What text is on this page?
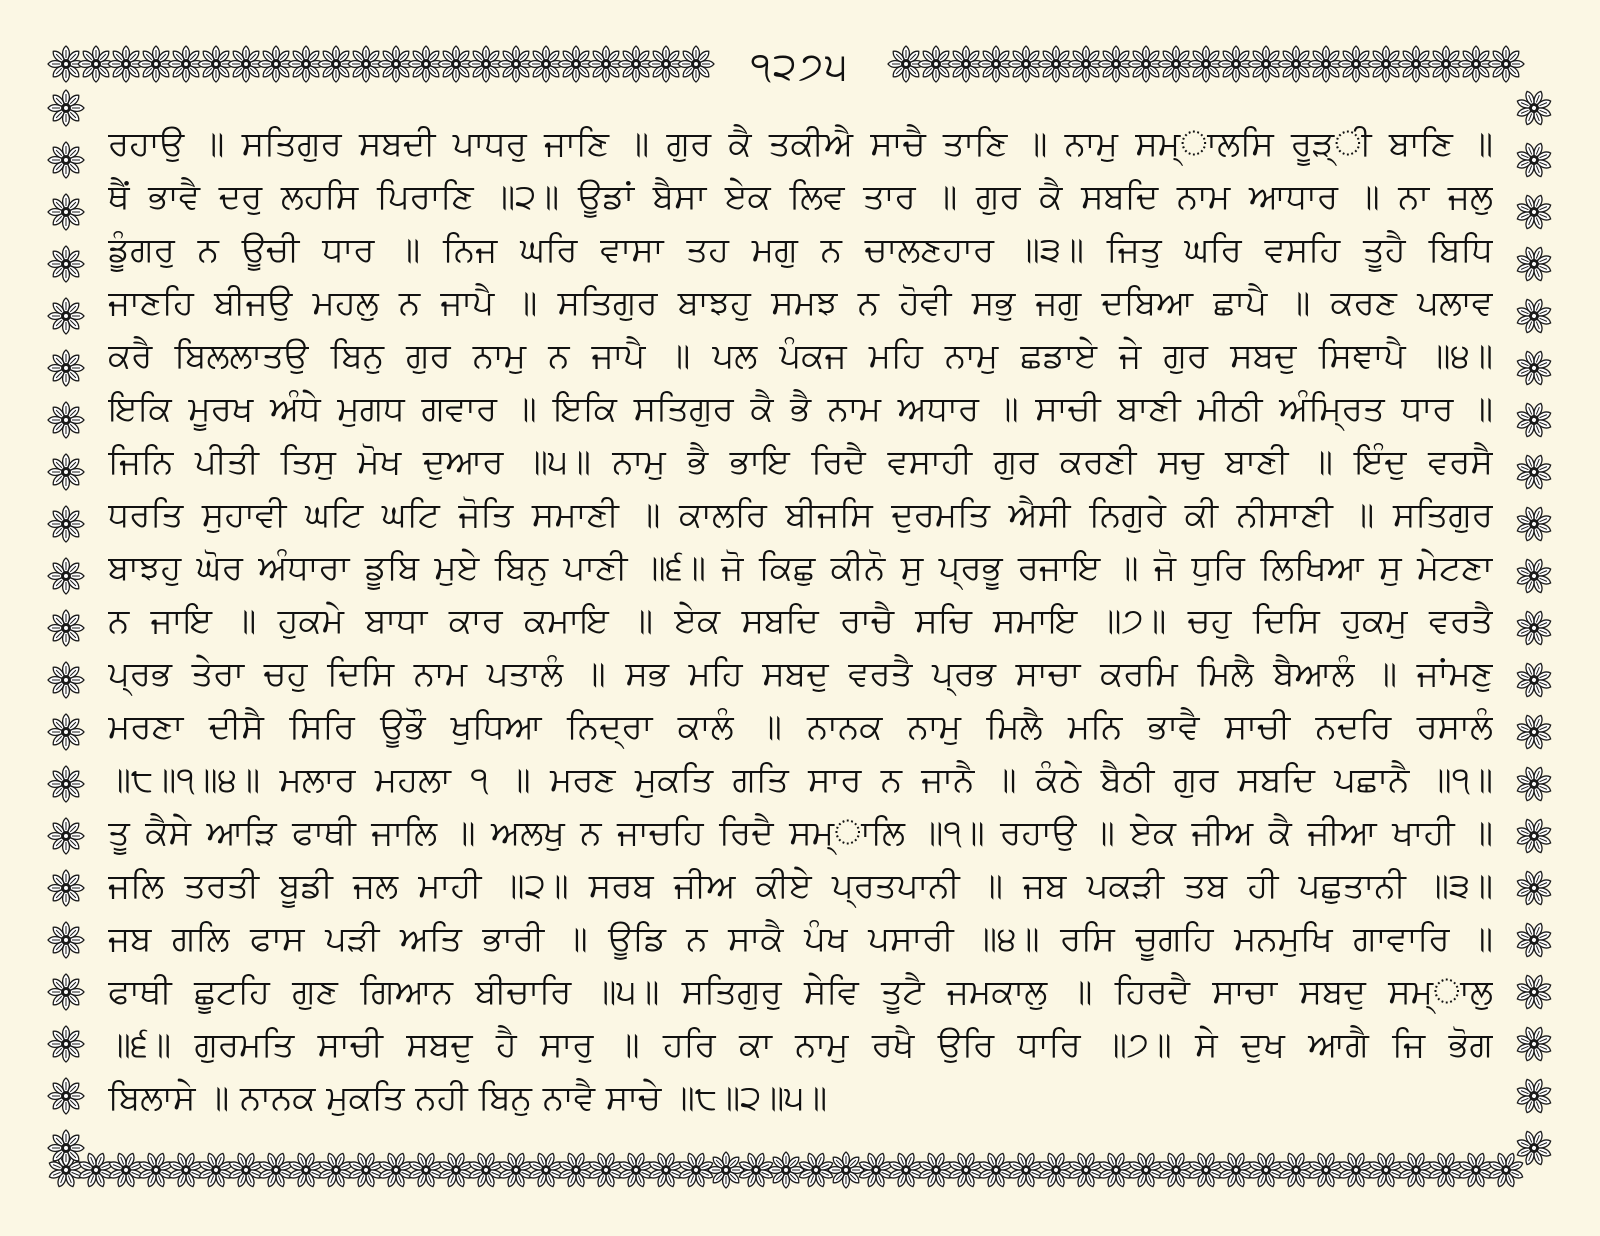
੧੨੭੫
ਰਹਾਉ ॥ ਸਤਿਗੁਰ ਸਬਦੀ ਪਾਧਰੁ ਜਾਣਿ ॥ ਗੁਰ ਕੈ ਤਕੀਐ ਸਾਚੈ ਤਾਣਿ ॥ ਨਾਮੁ ਸਮ੍ਾਲਸਿ ਰੂੜ੍ੀ ਬਾਣਿ ॥
ਥੈਂ ਭਾਵੈ ਦਰੁ ਲਹਸਿ ਪਿਰਾਣਿ ॥੨॥ ਊਡਾਂ ਬੈਸਾ ਏਕ ਲਿਵ ਤਾਰ ॥ ਗੁਰ ਕੈ ਸਬਦਿ ਨਾਮ ਆਧਾਰ ॥ ਨਾ ਜਲੁ
ਡੂੰਗਰੁ ਨ ਊਚੀ ਧਾਰ ॥ ਨਿਜ ਘਰਿ ਵਾਸਾ ਤਹ ਮਗੁ ਨ ਚਾਲਣਹਾਰ ॥੩॥ ਜਿਤੁ ਘਰਿ ਵਸਹਿ ਤੂਹੈ ਬਿਧਿ
ਜਾਣਹਿ ਬੀਜਉ ਮਹਲੁ ਨ ਜਾਪੈ ॥ ਸਤਿਗੁਰ ਬਾਝਹੁ ਸਮਝ ਨ ਹੋਵੀ ਸਭੁ ਜਗੁ ਦਬਿਆ ਛਾਪੈ ॥ ਕਰਣ ਪਲਾਵ
ਕਰੈ ਬਿਲਲਾਤਉ ਬਿਨੁ ਗੁਰ ਨਾਮੁ ਨ ਜਾਪੈ ॥ ਪਲ ਪੰਕਜ ਮਹਿ ਨਾਮੁ ਛਡਾਏ ਜੇ ਗੁਰ ਸਬਦੁ ਸਿਞਾਪੈ ॥੪॥
ਇਕਿ ਮੂਰਖ ਅੰਧੇ ਮੁਗਧ ਗਵਾਰ ॥ ਇਕਿ ਸਤਿਗੁਰ ਕੈ ਭੈ ਨਾਮ ਅਧਾਰ ॥ ਸਾਚੀ ਬਾਣੀ ਮੀਠੀ ਅੰਮ੍ਰਿਤ ਧਾਰ ॥
ਜਿਨਿ ਪੀਤੀ ਤਿਸੁ ਮੋਖ ਦੁਆਰ ॥੫॥ ਨਾਮੁ ਭੈ ਭਾਇ ਰਿਦੈ ਵਸਾਹੀ ਗੁਰ ਕਰਣੀ ਸਚੁ ਬਾਣੀ ॥ ਇੰਦੁ ਵਰਸੈ
ਧਰਤਿ ਸੁਹਾਵੀ ਘਟਿ ਘਟਿ ਜੋਤਿ ਸਮਾਣੀ ॥ ਕਾਲਰਿ ਬੀਜਸਿ ਦੁਰਮਤਿ ਐਸੀ ਨਿਗੁਰੇ ਕੀ ਨੀਸਾਣੀ ॥ ਸਤਿਗੁਰ
ਬਾਝਹੁ ਘੋਰ ਅੰਧਾਰਾ ਡੂਬਿ ਮੁਏ ਬਿਨੁ ਪਾਣੀ ॥੬॥ ਜੋ ਕਿਛੁ ਕੀਨੋ ਸੁ ਪ੍ਰਭੂ ਰਜਾਇ ॥ ਜੋ ਧੁਰਿ ਲਿਖਿਆ ਸੁ ਮੇਟਣਾ
ਨ ਜਾਇ ॥ ਹੁਕਮੇ ਬਾਧਾ ਕਾਰ ਕਮਾਇ ॥ ਏਕ ਸਬਦਿ ਰਾਚੈ ਸਚਿ ਸਮਾਇ ॥੭॥ ਚਹੁ ਦਿਸਿ ਹੁਕਮੁ ਵਰਤੈ
ਪ੍ਰਭ ਤੇਰਾ ਚਹੁ ਦਿਸਿ ਨਾਮ ਪਤਾਲੰ ॥ ਸਭ ਮਹਿ ਸਬਦੁ ਵਰਤੈ ਪ੍ਰਭ ਸਾਚਾ ਕਰਮਿ ਮਿਲੈ ਬੈਆਲੰ ॥ ਜਾਂਮਣੁ
ਮਰਣਾ ਦੀਸੈ ਸਿਰਿ ਊਭੌ ਖੁਧਿਆ ਨਿਦ੍ਰਾ ਕਾਲੰ ॥ ਨਾਨਕ ਨਾਮੁ ਮਿਲੈ ਮਨਿ ਭਾਵੈ ਸਾਚੀ ਨਦਰਿ ਰਸਾਲੰ
॥੮॥੧॥੪॥ ਮਲਾਰ ਮਹਲਾ ੧ ॥ ਮਰਣ ਮੁਕਤਿ ਗਤਿ ਸਾਰ ਨ ਜਾਨੈ ॥ ਕੰਠੇ ਬੈਠੀ ਗੁਰ ਸਬਦਿ ਪਛਾਨੈ ॥੧॥
ਤੂ ਕੈਸੇ ਆੜਿ ਫਾਥੀ ਜਾਲਿ ॥ ਅਲਖੁ ਨ ਜਾਚਹਿ ਰਿਦੈ ਸਮ੍ਾਲਿ ॥੧॥ ਰਹਾਉ ॥ ਏਕ ਜੀਅ ਕੈ ਜੀਆ ਖਾਹੀ ॥
ਜਲਿ ਤਰਤੀ ਬੂਡੀ ਜਲ ਮਾਹੀ ॥੨॥ ਸਰਬ ਜੀਅ ਕੀਏ ਪ੍ਰਤਪਾਨੀ ॥ ਜਬ ਪਕੜੀ ਤਬ ਹੀ ਪਛੁਤਾਨੀ ॥੩॥
ਜਬ ਗਲਿ ਫਾਸ ਪੜੀ ਅਤਿ ਭਾਰੀ ॥ ਊਡਿ ਨ ਸਾਕੈ ਪੰਖ ਪਸਾਰੀ ॥੪॥ ਰਸਿ ਚੂਗਹਿ ਮਨਮੁਖਿ ਗਾਵਾਰਿ ॥
ਫਾਥੀ ਛੂਟਹਿ ਗੁਣ ਗਿਆਨ ਬੀਚਾਰਿ ॥੫॥ ਸਤਿਗੁਰੁ ਸੇਵਿ ਤੂਟੈ ਜਮਕਾਲੁ ॥ ਹਿਰਦੈ ਸਾਚਾ ਸਬਦੁ ਸਮ੍ਾਲੁ
॥੬॥ ਗੁਰਮਤਿ ਸਾਚੀ ਸਬਦੁ ਹੈ ਸਾਰੁ ॥ ਹਰਿ ਕਾ ਨਾਮੁ ਰਖੈ ਉਰਿ ਧਾਰਿ ॥੭॥ ਸੇ ਦੁਖ ਆਗੈ ਜਿ ਭੋਗ
ਬਿਲਾਸੇ ॥ ਨਾਨਕ ਮੁਕਤਿ ਨਹੀ ਬਿਨੁ ਨਾਵੈ ਸਾਚੇ ॥੮॥੨॥੫॥
